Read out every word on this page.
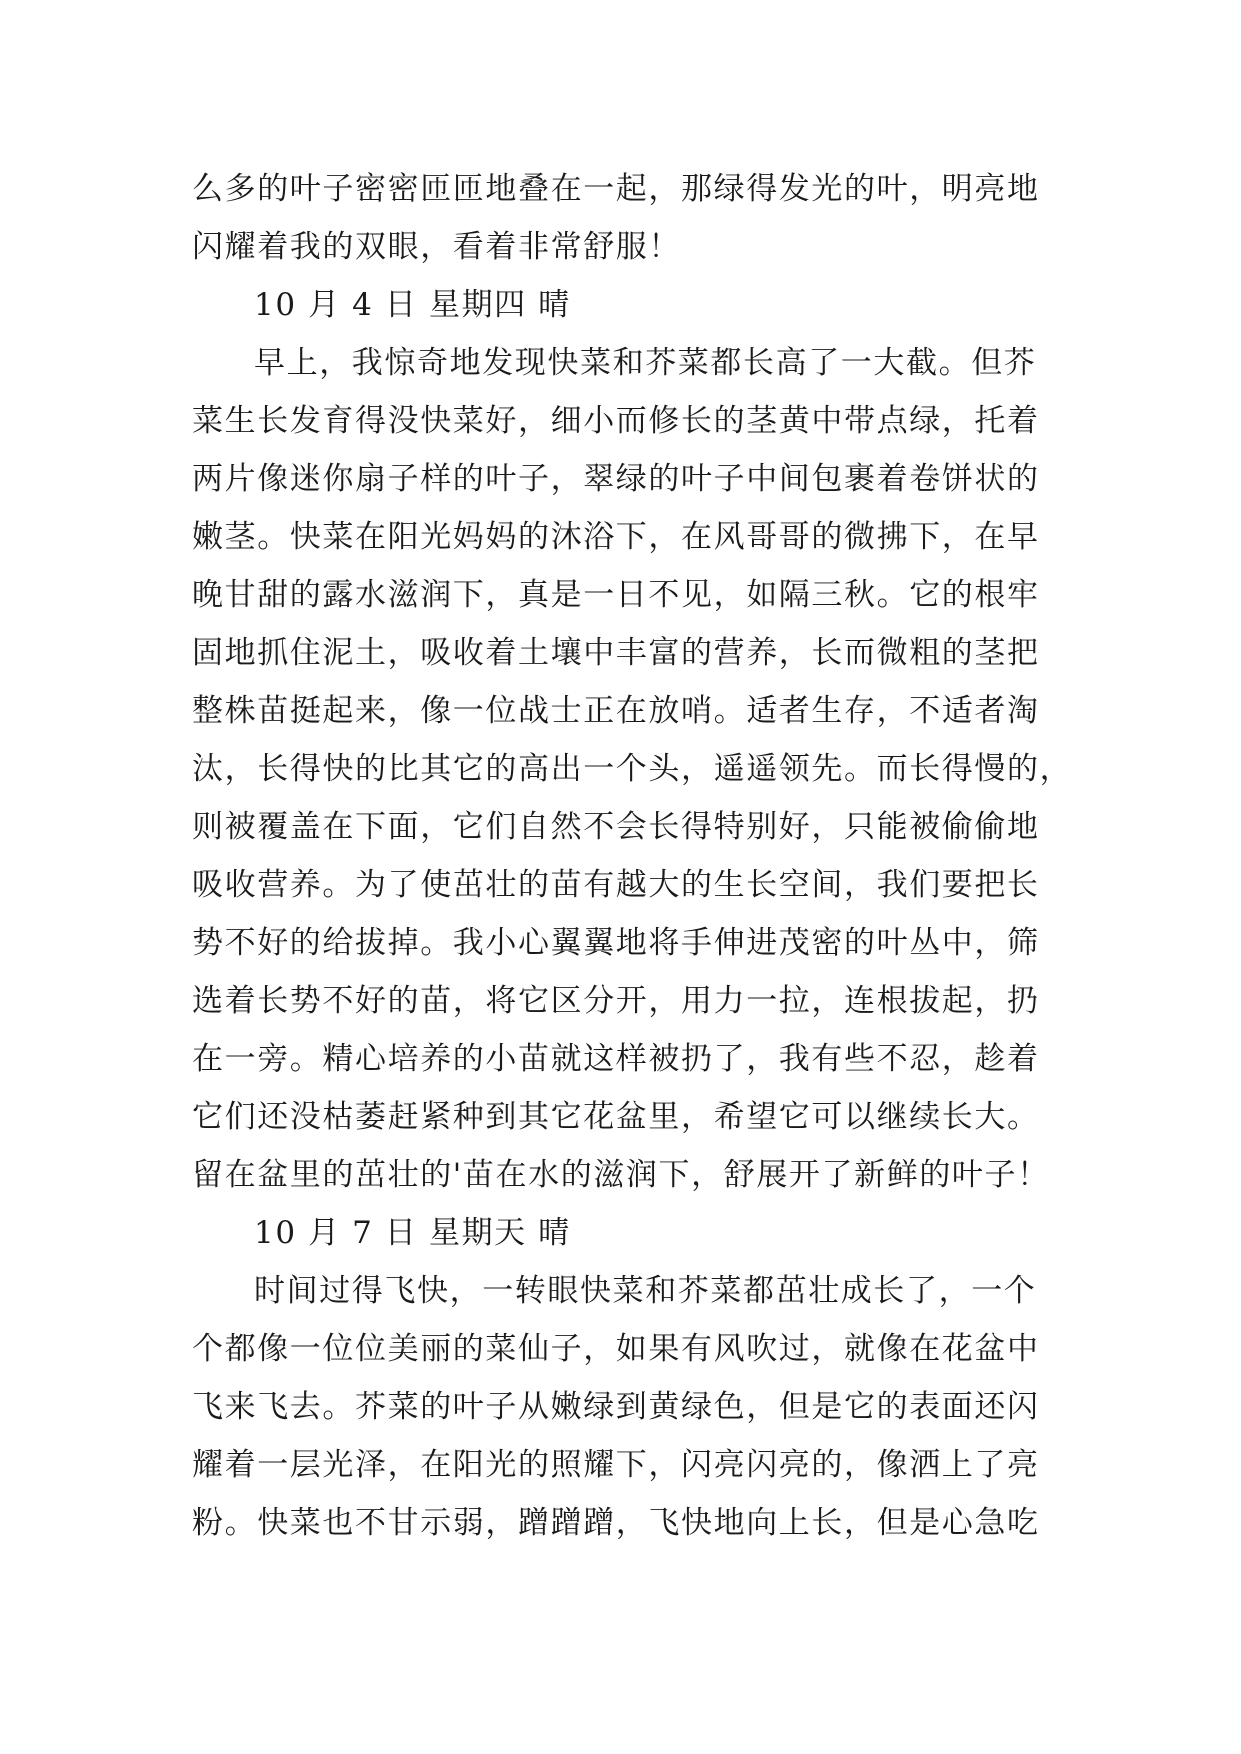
么多的叶子密密匝匝地叠在一起，那绿得发光的叶，明亮地
闪耀着我的双眼，看着非常舒服！
10 月 4 日 星期四 晴
早上，我惊奇地发现快菜和芥菜都长高了一大截。但芥
菜生长发育得没快菜好，细小而修长的茎黄中带点绿，托着
两片像迷你扇子样的叶子，翠绿的叶子中间包裹着卷饼状的
嫩茎。快菜在阳光妈妈的沐浴下，在风哥哥的微拂下，在早
晚甘甜的露水滋润下，真是一日不见，如隔三秋。它的根牢
固地抓住泥土，吸收着土壤中丰富的营养，长而微粗的茎把
整株苗挺起来，像一位战士正在放哨。适者生存，不适者淘
汰，长得快的比其它的高出一个头，遥遥领先。而长得慢的，
则被覆盖在下面，它们自然不会长得特别好，只能被偷偷地
吸收营养。为了使茁壮的苗有越大的生长空间，我们要把长
势不好的给拔掉。我小心翼翼地将手伸进茂密的叶丛中，筛
选着长势不好的苗，将它区分开，用力一拉，连根拔起，扔
在一旁。精心培养的小苗就这样被扔了，我有些不忍，趁着
它们还没枯萎赶紧种到其它花盆里，希望它可以继续长大。
留在盆里的茁壮的'苗在水的滋润下，舒展开了新鲜的叶子！
10 月 7 日 星期天 晴
时间过得飞快，一转眼快菜和芥菜都茁壮成长了，一个
个都像一位位美丽的菜仙子，如果有风吹过，就像在花盆中
飞来飞去。芥菜的叶子从嫩绿到黄绿色，但是它的表面还闪
耀着一层光泽，在阳光的照耀下，闪亮闪亮的，像洒上了亮
粉。快菜也不甘示弱，蹭蹭蹭，飞快地向上长，但是心急吃
